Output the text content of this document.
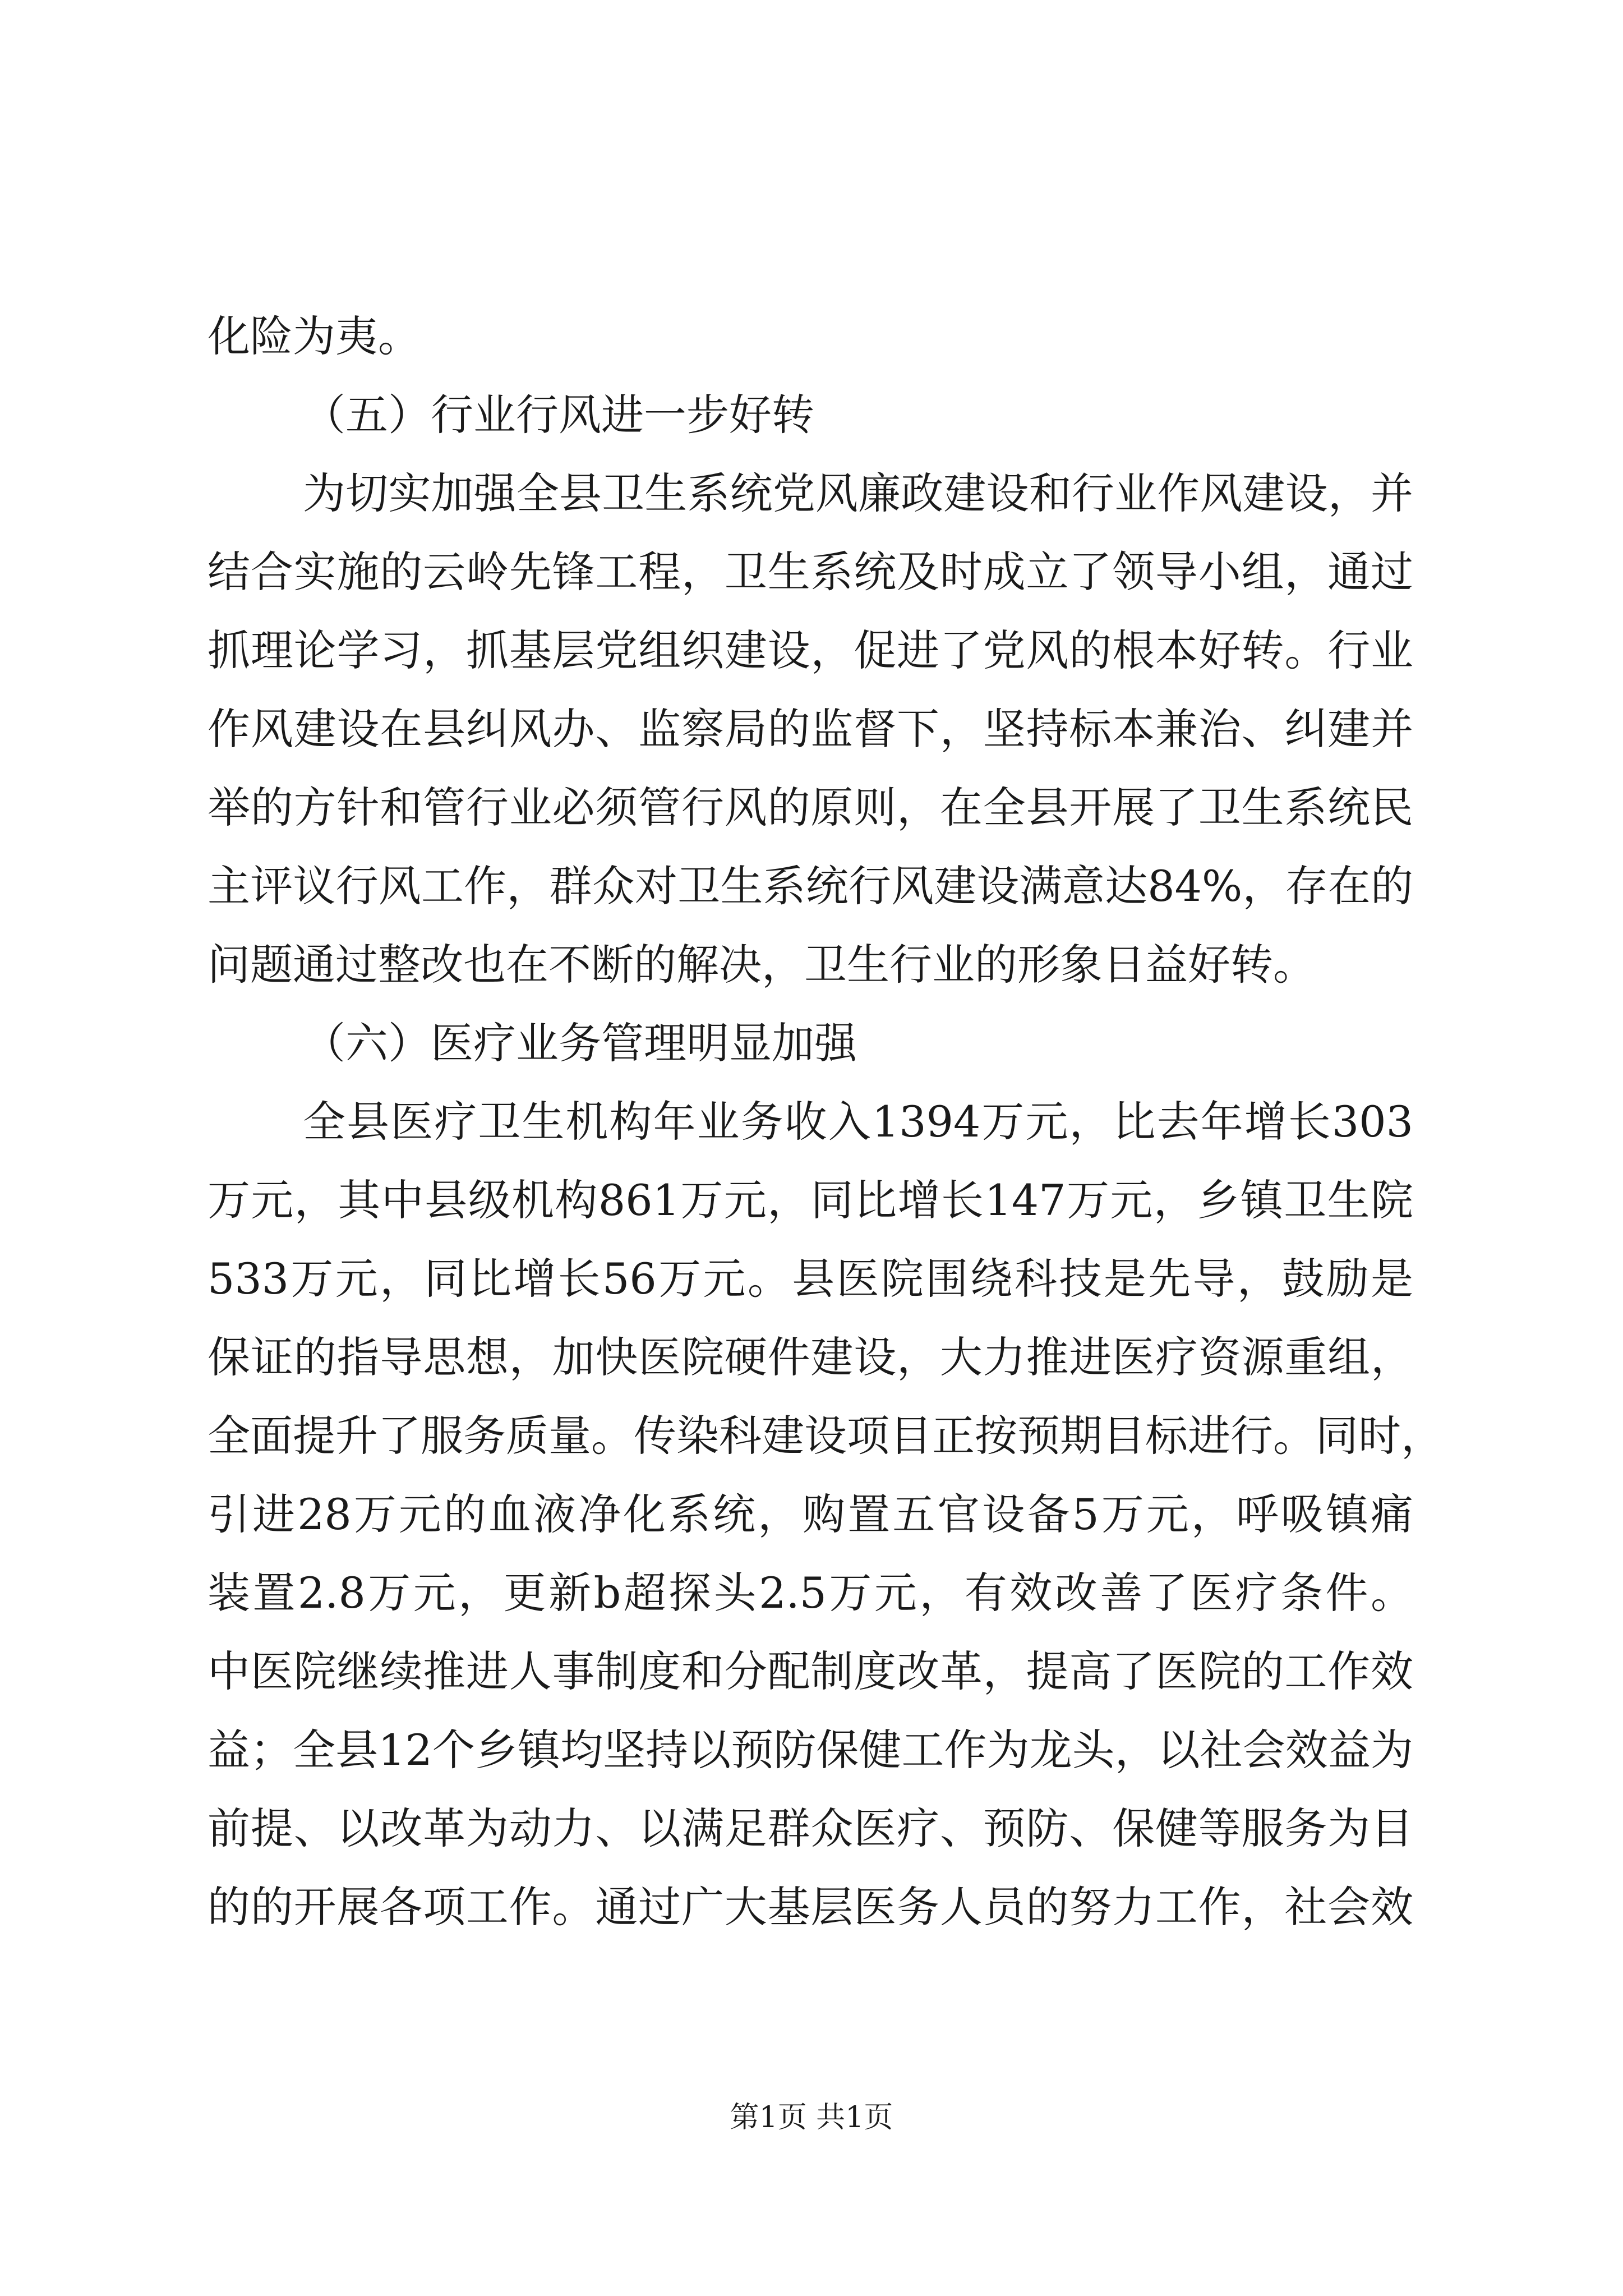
化险为夷。

（五）行业行风进一步好转

为切实加强全县卫生系统党风廉政建设和行业作风建设，并

结合实施的云岭先锋工程，卫生系统及时成立了领导小组，通过

抓理论学习，抓基层党组织建设，促进了党风的根本好转。行业

作风建设在县纠风办、监察局的监督下，坚持标本兼治、纠建并

举的方针和管行业必须管行风的原则，在全县开展了卫生系统民

主评议行风工作，群众对卫生系统行风建设满意达84%，存在的

问题通过整改也在不断的解决，卫生行业的形象日益好转。

（六）医疗业务管理明显加强

全县医疗卫生机构年业务收入1394万元，比去年增长303

万元，其中县级机构861万元，同比增长147万元，乡镇卫生院

533万元，同比增长56万元。县医院围绕科技是先导，鼓励是

保证的指导思想，加快医院硬件建设，大力推进医疗资源重组，

全面提升了服务质量。传染科建设项目正按预期目标进行。同时，

引进28万元的血液净化系统，购置五官设备5万元，呼吸镇痛

装置2.8万元，更新b超探头2.5万元，有效改善了医疗条件。

中医院继续推进人事制度和分配制度改革，提高了医院的工作效

益；全县12个乡镇均坚持以预防保健工作为龙头，以社会效益为

前提、以改革为动力、以满足群众医疗、预防、保健等服务为目

的的开展各项工作。通过广大基层医务人员的努力工作，社会效

第1页 共1页
